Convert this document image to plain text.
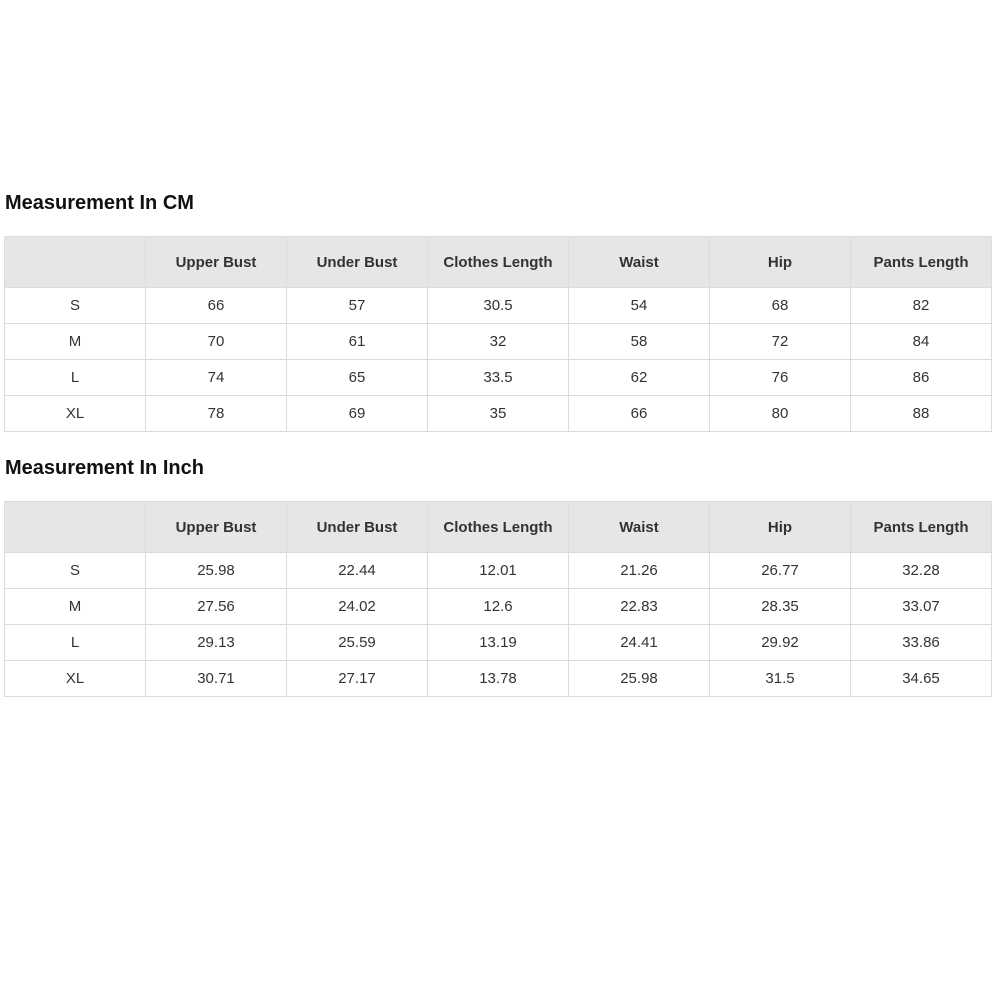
Measurement In CM
	Upper Bust	Under Bust	Clothes Length	Waist	Hip	Pants Length
S	66	57	30.5	54	68	82
M	70	61	32	58	72	84
L	74	65	33.5	62	76	86
XL	78	69	35	66	80	88
Measurement In Inch
	Upper Bust	Under Bust	Clothes Length	Waist	Hip	Pants Length
S	25.98	22.44	12.01	21.26	26.77	32.28
M	27.56	24.02	12.6	22.83	28.35	33.07
L	29.13	25.59	13.19	24.41	29.92	33.86
XL	30.71	27.17	13.78	25.98	31.5	34.65
